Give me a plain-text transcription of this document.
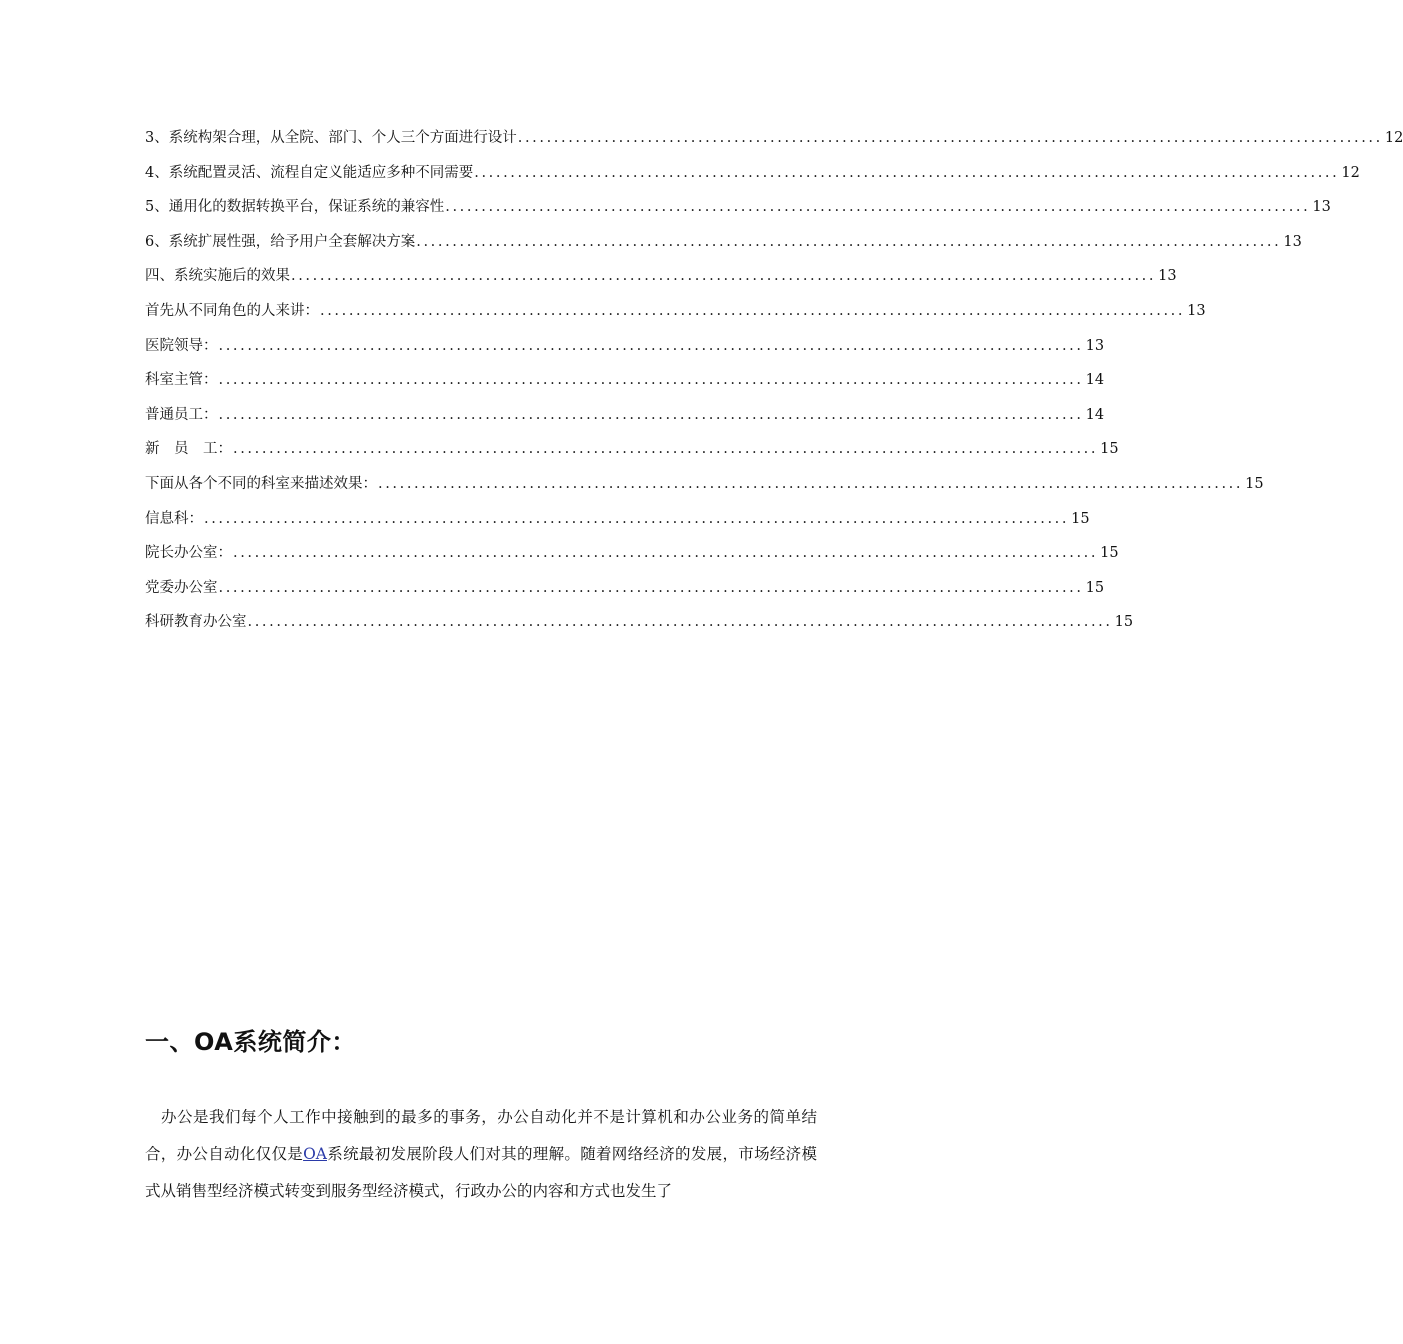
3、系统构架合理，从全院、部门、个人三个方面进行设计 ........................................................................................................................ 12
4、系统配置灵活、流程自定义能适应多种不同需要 ........................................................................................................................ 12
5、通用化的数据转换平台，保证系统的兼容性 ........................................................................................................................ 13
6、系统扩展性强，给予用户全套解决方案 ........................................................................................................................ 13
四、系统实施后的效果 ........................................................................................................................ 13
首先从不同角色的人来讲： ........................................................................................................................ 13
医院领导： ........................................................................................................................ 13
科室主管： ........................................................................................................................ 14
普通员工： ........................................................................................................................ 14
新　员　工： ........................................................................................................................ 15
下面从各个不同的科室来描述效果： ........................................................................................................................ 15
信息科： ........................................................................................................................ 15
院长办公室： ........................................................................................................................ 15
党委办公室 ........................................................................................................................ 15
科研教育办公室 ........................................................................................................................ 15
一、OA系统简介：

办公是我们每个人工作中接触到的最多的事务，办公自动化并不是计算机和办公业务的简单结合，办公自动化仅仅是OA系统最初发展阶段人们对其的理解。随着网络经济的发展，市场经济模式从销售型经济模式转变到服务型经济模式，行政办公的内容和方式也发生了
